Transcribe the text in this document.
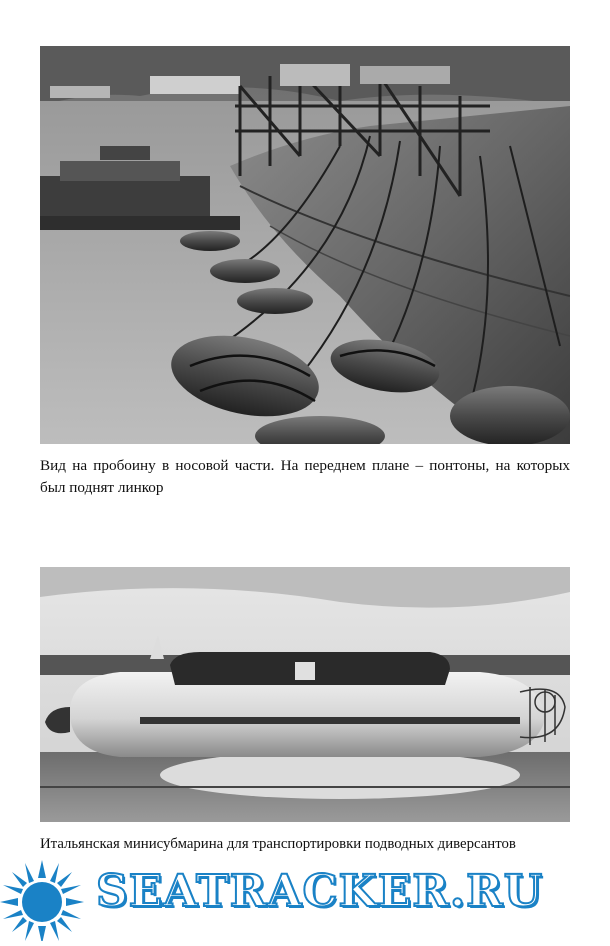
Вид на пробоину в носовой части. На переднем плане – понтоны, на которых был поднят линкор

Итальянская минисубмарина для транспортировки подводных диверсантов

SEATRACKER.RU
